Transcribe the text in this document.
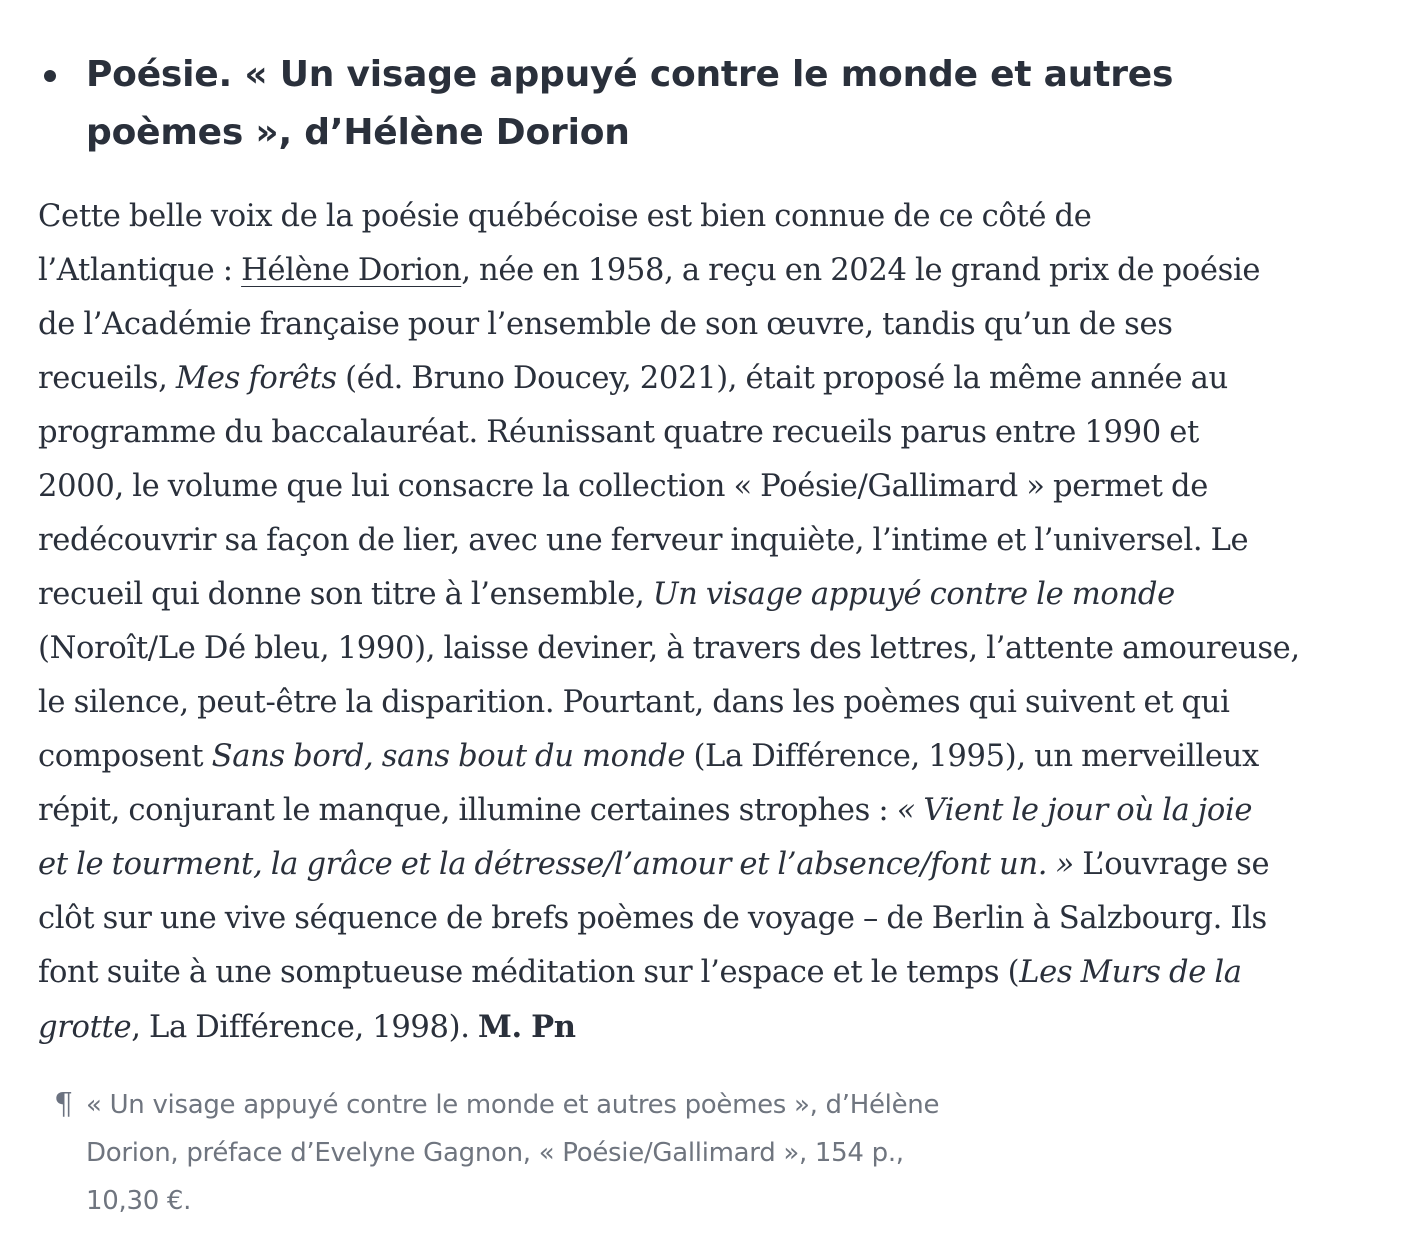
Poésie. « Un visage appuyé contre le monde et autres
poèmes », d’Hélène Dorion

Cette belle voix de la poésie québécoise est bien connue de ce côté de
l’Atlantique : Hélène Dorion, née en 1958, a reçu en 2024 le grand prix de poésie
de l’Académie française pour l’ensemble de son œuvre, tandis qu’un de ses
recueils, Mes forêts (éd. Bruno Doucey, 2021), était proposé la même année au
programme du baccalauréat. Réunissant quatre recueils parus entre 1990 et
2000, le volume que lui consacre la collection « Poésie/Gallimard » permet de
redécouvrir sa façon de lier, avec une ferveur inquiète, l’intime et l’universel. Le
recueil qui donne son titre à l’ensemble, Un visage appuyé contre le monde
(Noroît/Le Dé bleu, 1990), laisse deviner, à travers des lettres, l’attente amoureuse,
le silence, peut-être la disparition. Pourtant, dans les poèmes qui suivent et qui
composent Sans bord, sans bout du monde (La Différence, 1995), un merveilleux
répit, conjurant le manque, illumine certaines strophes : « Vient le jour où la joie
et le tourment, la grâce et la détresse/l’amour et l’absence/font un. » L’ouvrage se
clôt sur une vive séquence de brefs poèmes de voyage – de Berlin à Salzbourg. Ils
font suite à une somptueuse méditation sur l’espace et le temps (Les Murs de la
grotte, La Différence, 1998). M. Pn

¶ « Un visage appuyé contre le monde et autres poèmes », d’Hélène
Dorion, préface d’Evelyne Gagnon, « Poésie/Gallimard », 154 p.,
10,30 €.
